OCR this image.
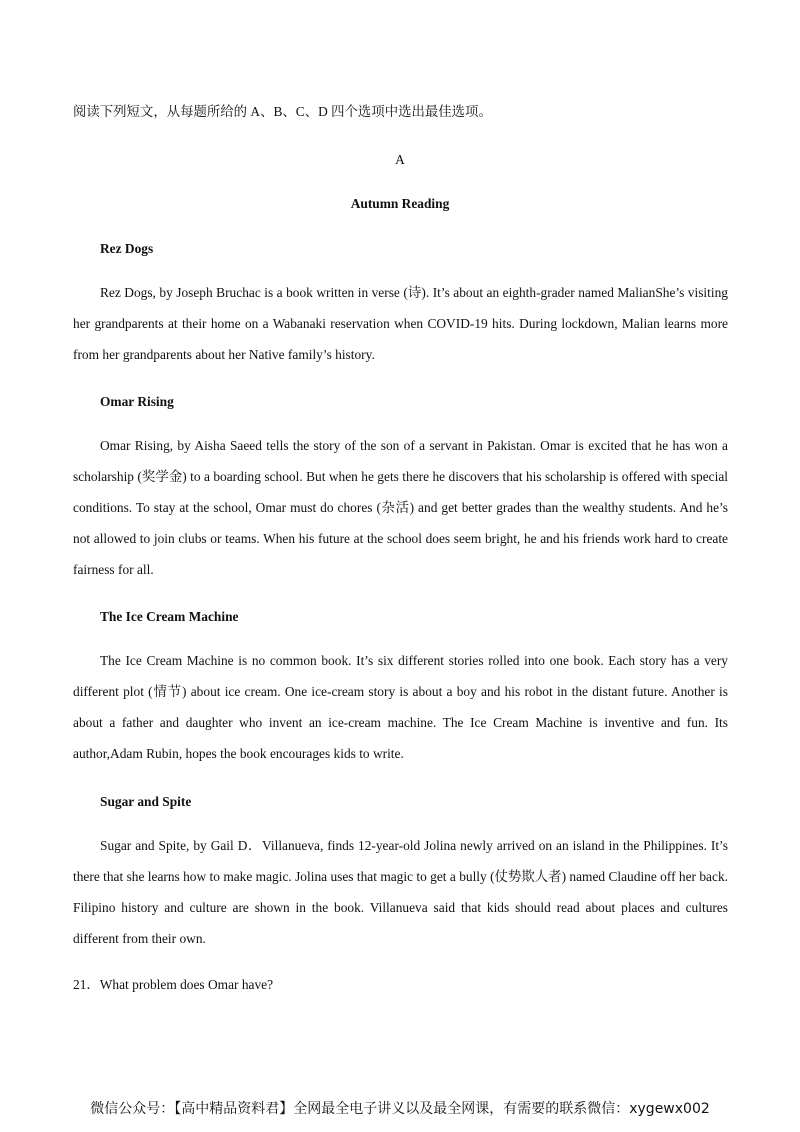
阅读下列短文，从每题所给的 A、B、C、D 四个选项中选出最佳选项。
A
Autumn Reading
Rez Dogs
Rez Dogs, by Joseph Bruchac is a book written in verse (诗). It’s about an eighth-grader named MalianShe’s visiting her grandparents at their home on a Wabanaki reservation when COVID-19 hits. During lockdown, Malian learns more from her grandparents about her Native family’s history.
Omar Rising
Omar Rising, by Aisha Saeed tells the story of the son of a servant in Pakistan. Omar is excited that he has won a scholarship (奖学金) to a boarding school. But when he gets there he discovers that his scholarship is offered with special conditions. To stay at the school, Omar must do chores (杂活) and get better grades than the wealthy students. And he’s not allowed to join clubs or teams. When his future at the school does seem bright, he and his friends work hard to create fairness for all.
The Ice Cream Machine
The Ice Cream Machine is no common book. It’s six different stories rolled into one book. Each story has a very different plot (情节) about ice cream. One ice-cream story is about a boy and his robot in the distant future. Another is about a father and daughter who invent an ice-cream machine. The Ice Cream Machine is inventive and fun. Its author,Adam Rubin, hopes the book encourages kids to write.
Sugar and Spite
Sugar and Spite, by Gail D．Villanueva, finds 12-year-old Jolina newly arrived on an island in the Philippines. It’s there that she learns how to make magic. Jolina uses that magic to get a bully (仗势欺人者) named Claudine off her back. Filipino history and culture are shown in the book. Villanueva said that kids should read about places and cultures different from their own.
21．What problem does Omar have?
微信公众号：【高中精品资料君】全网最全电子讲义以及最全网课，有需要的联系微信：xygewx002
